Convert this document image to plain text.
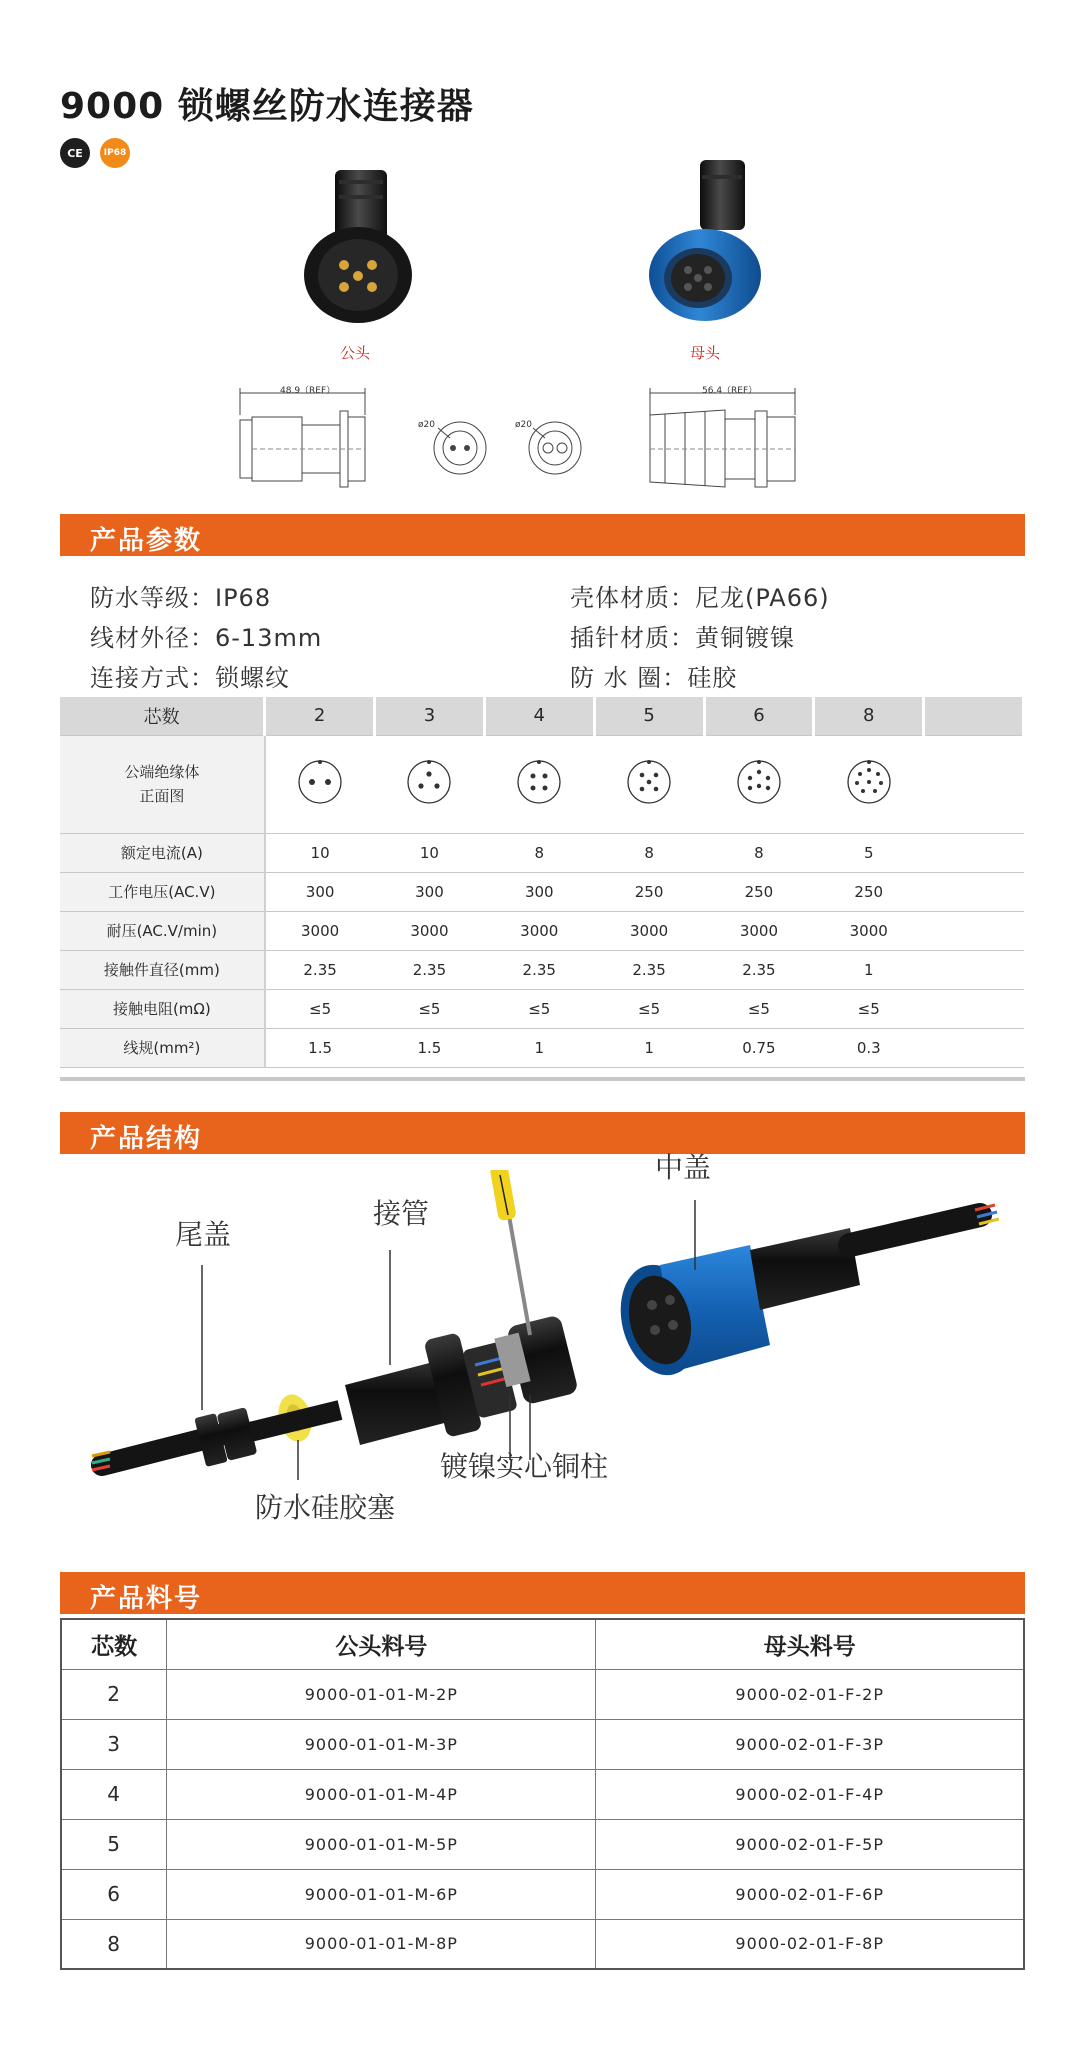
9000 锁螺丝防水连接器
CE	IP68
公头	母头
48.9（REF）	56.4（REF）
ø20	ø20
产品参数
防水等级：IP68	壳体材质：尼龙(PA66)
线材外径：6-13mm	插针材质：黄铜镀镍
连接方式：锁螺纹	防 水 圈：硅胶
芯数	2	3	4	5	6	8	

公端绝缘体
正面图

额定电流(A)	10	10	8	8	8	5	
工作电压(AC.V)	300	300	300	250	250	250	
耐压(AC.V/min)	3000	3000	3000	3000	3000	3000	
接触件直径(mm)	2.35	2.35	2.35	2.35	2.35	1	
接触电阻(mΩ)	≤5	≤5	≤5	≤5	≤5	≤5	
线规(mm²)	1.5	1.5	1	1	0.75	0.3	
产品结构
尾盖
接管
中盖
镀镍实心铜柱
防水硅胶塞
产品料号
芯数	公头料号	母头料号
2	9000-01-01-M-2P	9000-02-01-F-2P
3	9000-01-01-M-3P	9000-02-01-F-3P
4	9000-01-01-M-4P	9000-02-01-F-4P
5	9000-01-01-M-5P	9000-02-01-F-5P
6	9000-01-01-M-6P	9000-02-01-F-6P
8	9000-01-01-M-8P	9000-02-01-F-8P
